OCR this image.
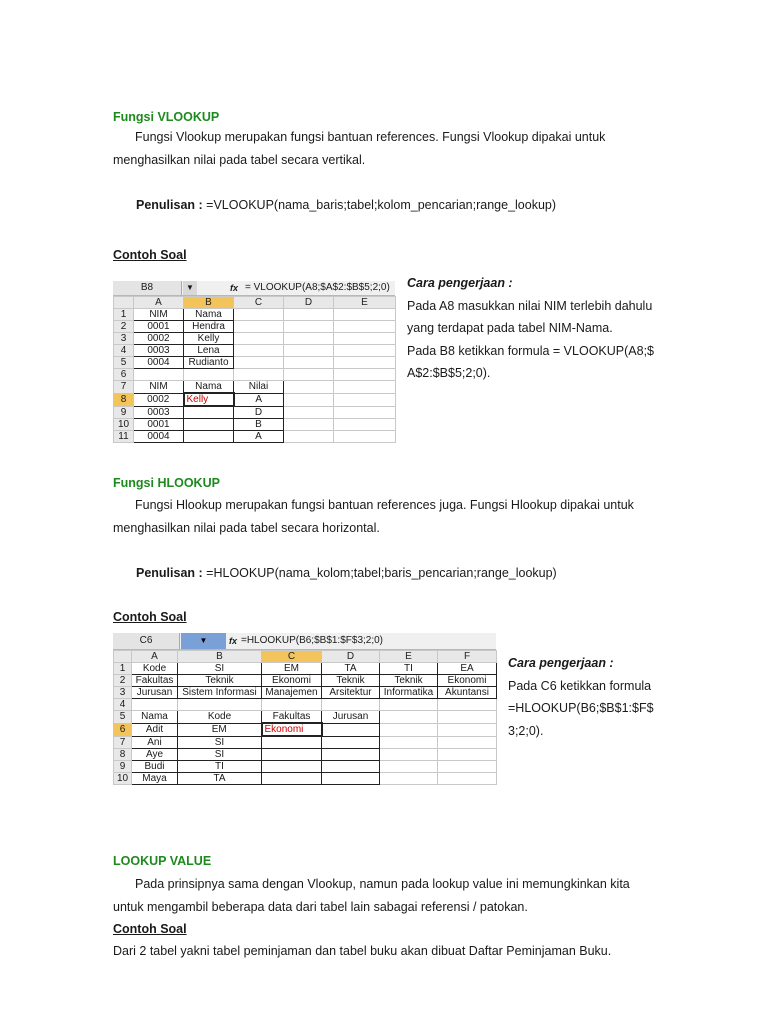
Fungsi VLOOKUP
Fungsi Vlookup merupakan fungsi bantuan references. Fungsi Vlookup dipakai untuk
menghasilkan nilai pada tabel secara vertikal.
Penulisan : =VLOOKUP(nama_baris;tabel;kolom_pencarian;range_lookup)
Contoh Soal
B8	▼	fx = VLOOKUP(A8;$A$2:$B$5;2;0)
	A	B	C	D	E	
1	NIM	Nama				
2	0001	Hendra				
3	0002	Kelly				
4	0003	Lena				
5	0004	Rudianto				
6						
7	NIM	Nama	Nilai			
8	0002	Kelly	A			
9	0003		D			
10	0001		B			
11	0004		A			
Cara pengerjaan :
Pada A8 masukkan nilai NIM terlebih dahulu
yang terdapat pada tabel NIM-Nama.
Pada B8 ketikkan formula = VLOOKUP(A8;$
A$2:$B$5;2;0).
Fungsi HLOOKUP
Fungsi Hlookup merupakan fungsi bantuan references juga. Fungsi Hlookup dipakai untuk
menghasilkan nilai pada tabel secara horizontal.
Penulisan : =HLOOKUP(nama_kolom;tabel;baris_pencarian;range_lookup)
Contoh Soal
C6	▼	fx =HLOOKUP(B6;$B$1:$F$3;2;0)
	A	B	C	D	E	F
1	Kode	SI	EM	TA	TI	EA
2	Fakultas	Teknik	Ekonomi	Teknik	Teknik	Ekonomi
3	Jurusan	Sistem Informasi	Manajemen	Arsitektur	Informatika	Akuntansi
4						
5	Nama	Kode	Fakultas	Jurusan		
6	Adit	EM	Ekonomi			
7	Ani	SI				
8	Aye	SI				
9	Budi	TI				
10	Maya	TA				
Cara pengerjaan :
Pada C6 ketikkan formula
=HLOOKUP(B6;$B$1:$F$
3;2;0).
LOOKUP VALUE
Pada prinsipnya sama dengan Vlookup, namun pada lookup value ini memungkinkan kita
untuk mengambil beberapa data dari tabel lain sabagai referensi / patokan.
Contoh Soal
Dari 2 tabel yakni tabel peminjaman dan tabel buku akan dibuat Daftar Peminjaman Buku.
